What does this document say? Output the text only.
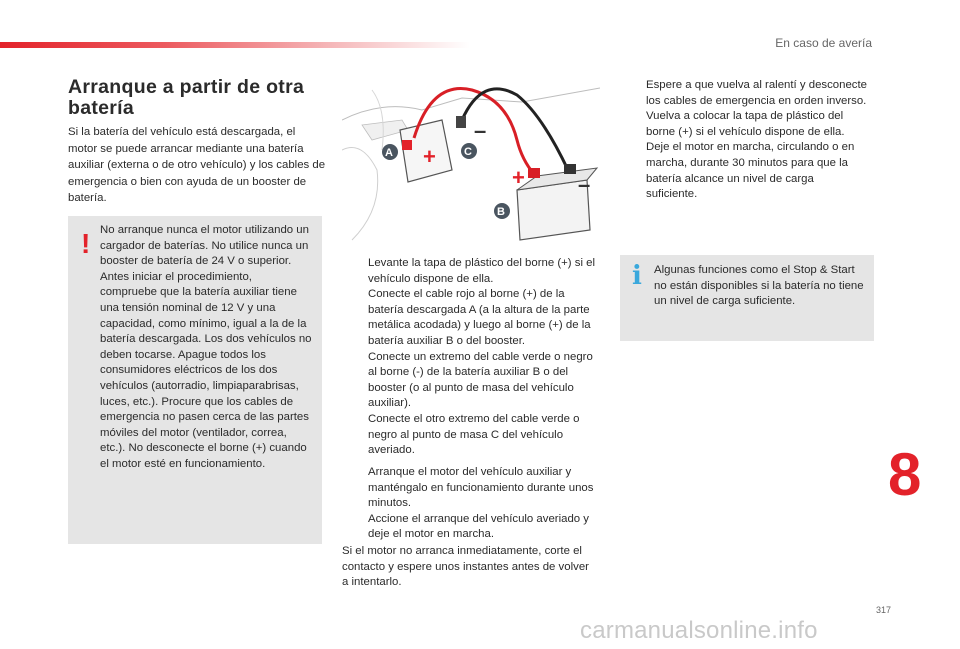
En caso de avería
Arranque a partir de otra batería

Si la batería del vehículo está descargada, el motor se puede arrancar mediante una batería auxiliar (externa o de otro vehículo) y los cables de emergencia o bien con ayuda de un booster de batería.

! No arranque nunca el motor utilizando un cargador de baterías. No utilice nunca un booster de batería de 24 V o superior. Antes iniciar el procedimiento, compruebe que la batería auxiliar tiene una tensión nominal de 12 V y una capacidad, como mínimo, igual a la de la batería descargada. Los dos vehículos no deben tocarse. Apague todos los consumidores eléctricos de los dos vehículos (autorradio, limpiaparabrisas, luces, etc.). Procure que los cables de emergencia no pasen cerca de las partes móviles del motor (ventilador, correa, etc.). No desconecte el borne (+) cuando el motor esté en funcionamiento.

+
–
+ –
A	C
B
Levante la tapa de plástico del borne (+) si el vehículo dispone de ella.
Conecte el cable rojo al borne (+) de la batería descargada A (a la altura de la parte metálica acodada) y luego al borne (+) de la batería auxiliar B o del booster.
Conecte un extremo del cable verde o negro al borne (-) de la batería auxiliar B o del booster (o al punto de masa del vehículo auxiliar).
Conecte el otro extremo del cable verde o negro al punto de masa C del vehículo averiado.
Arranque el motor del vehículo auxiliar y manténgalo en funcionamiento durante unos minutos.
Accione el arranque del vehículo averiado y deje el motor en marcha.

Si el motor no arranca inmediatamente, corte el contacto y espere unos instantes antes de volver a intentarlo.

Espere a que vuelva al ralentí y desconecte los cables de emergencia en orden inverso.
Vuelva a colocar la tapa de plástico del borne (+) si el vehículo dispone de ella.
Deje el motor en marcha, circulando o en marcha, durante 30 minutos para que la batería alcance un nivel de carga suficiente.
i Algunas funciones como el Stop & Start no están disponibles si la batería no tiene un nivel de carga suficiente.

8
317
carmanualsonline.info
